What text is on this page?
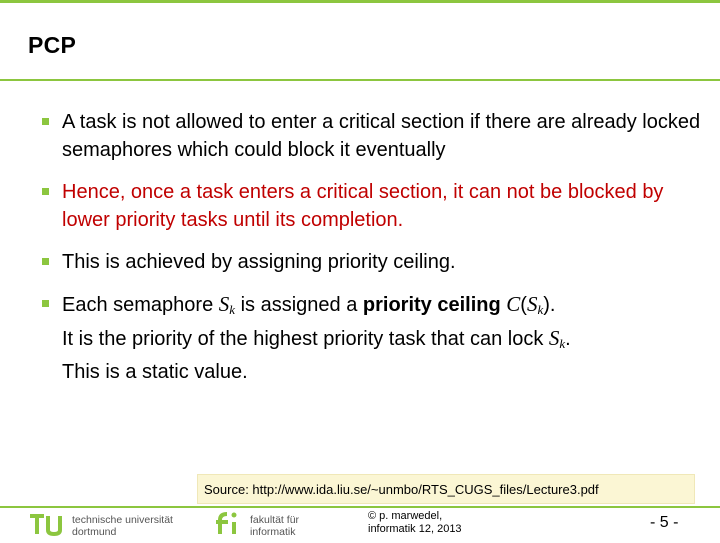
PCP
A task is not allowed to enter a critical section if there are already locked semaphores which could block it eventually
Hence, once a task enters a critical section, it can not be blocked by lower priority tasks until its completion.
This is achieved by assigning priority ceiling.
Each semaphore $S_k$ is assigned a priority ceiling $C(S_k)$.
It is the priority of the highest priority task that can lock $S_k$.
This is a static value.
Source: http://www.ida.liu.se/~unmbo/RTS_CUGS_files/Lecture3.pdf
technische universität
dortmund
fakultät für
informatik
© p. marwedel,
informatik 12, 2013	- 5 -
